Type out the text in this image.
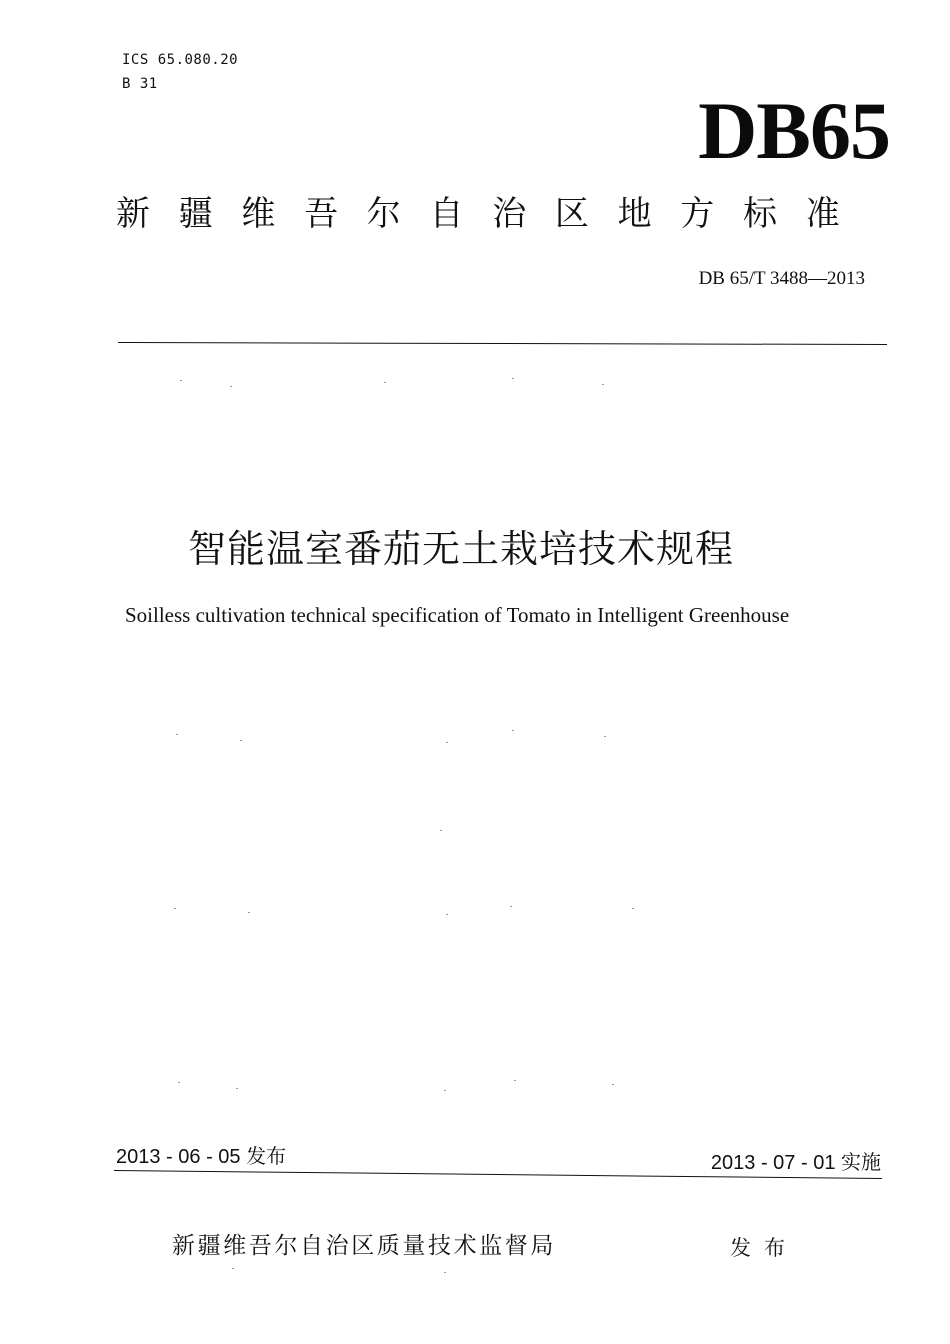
ICS 65.080.20
B 31
DB65
新疆维吾尔自治区地方标准
DB 65/T 3488—2013
智能温室番茄无土栽培技术规程
Soilless cultivation technical specification of Tomato in Intelligent Greenhouse
2013 - 06 - 05 发布	2013 - 07 - 01 实施
新疆维吾尔自治区质量技术监督局	发布
